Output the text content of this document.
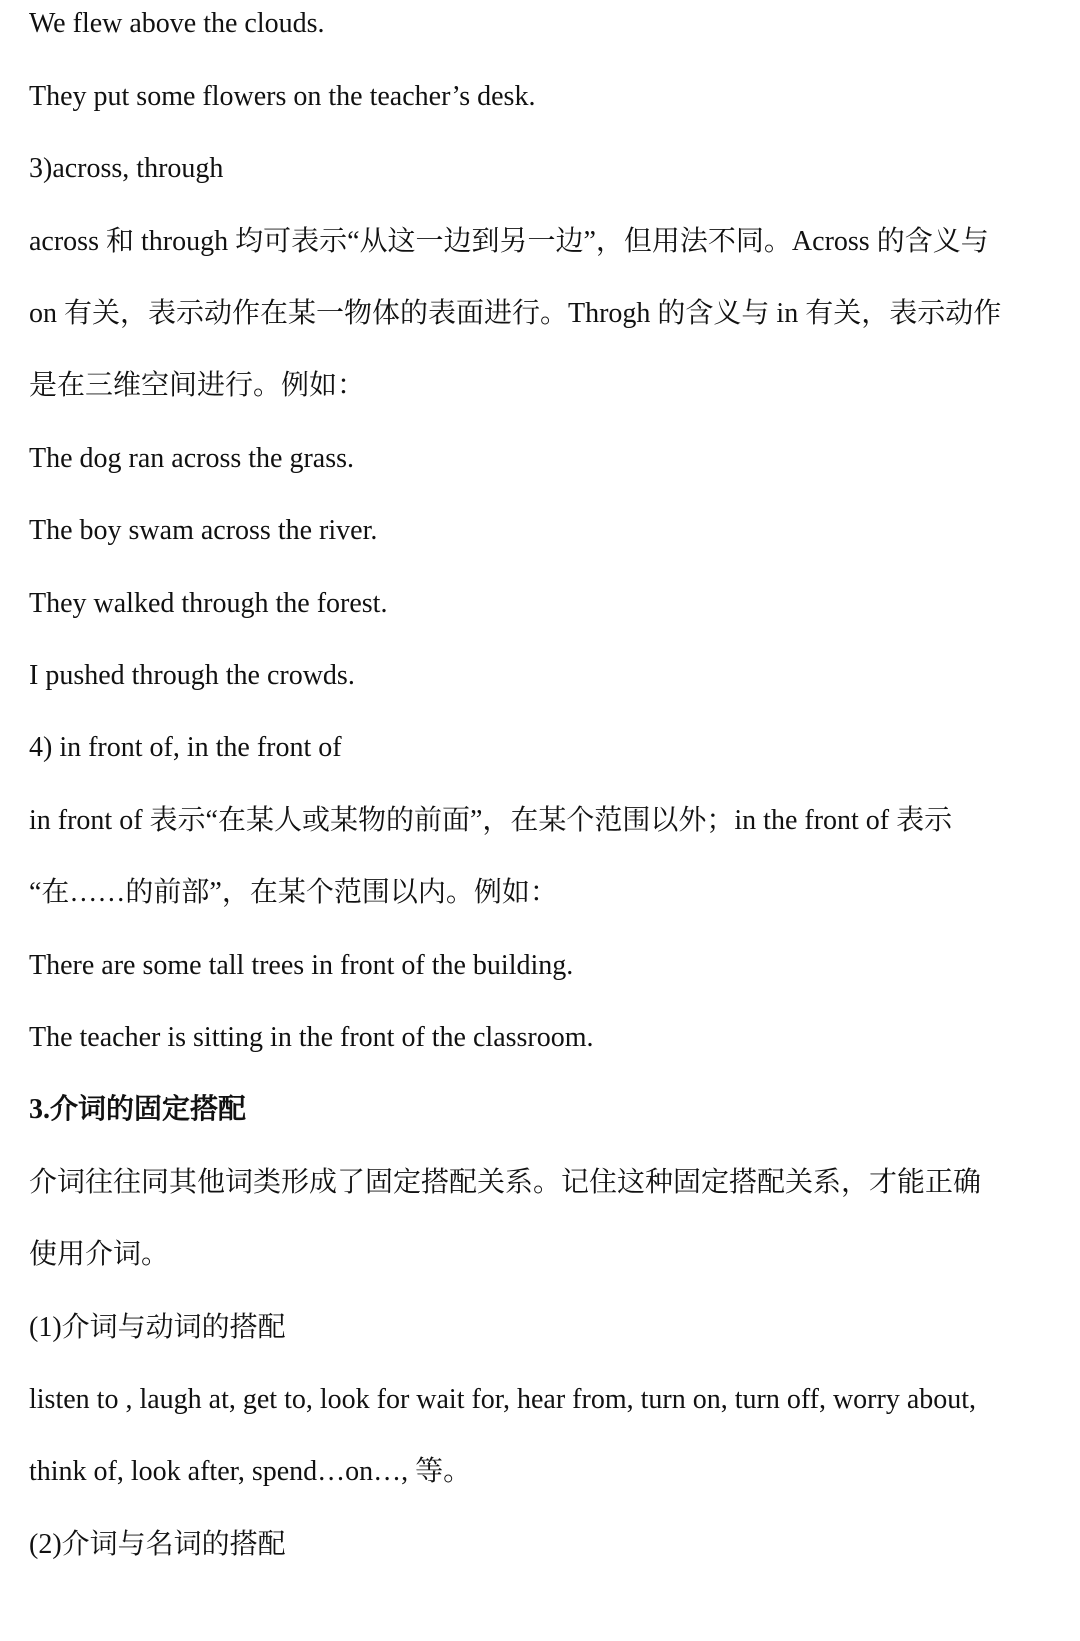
We flew above the clouds.
They put some flowers on the teacher’s desk.
3)across, through
across 和 through 均可表示“从这一边到另一边”，但用法不同。Across 的含义与
on 有关，表示动作在某一物体的表面进行。Throgh 的含义与 in 有关，表示动作
是在三维空间进行。例如：
The dog ran across the grass.
The boy swam across the river.
They walked through the forest.
I pushed through the crowds.
4) in front of, in the front of
in front of 表示“在某人或某物的前面”，在某个范围以外；in the front of 表示
“在……的前部”，在某个范围以内。例如：
There are some tall trees in front of the building.
The teacher is sitting in the front of the classroom.
3.介词的固定搭配
介词往往同其他词类形成了固定搭配关系。记住这种固定搭配关系，才能正确
使用介词。
(1)介词与动词的搭配
listen to , laugh at, get to, look for wait for, hear from, turn on, turn off, worry about,
think of, look after, spend…on…, 等。
(2)介词与名词的搭配
